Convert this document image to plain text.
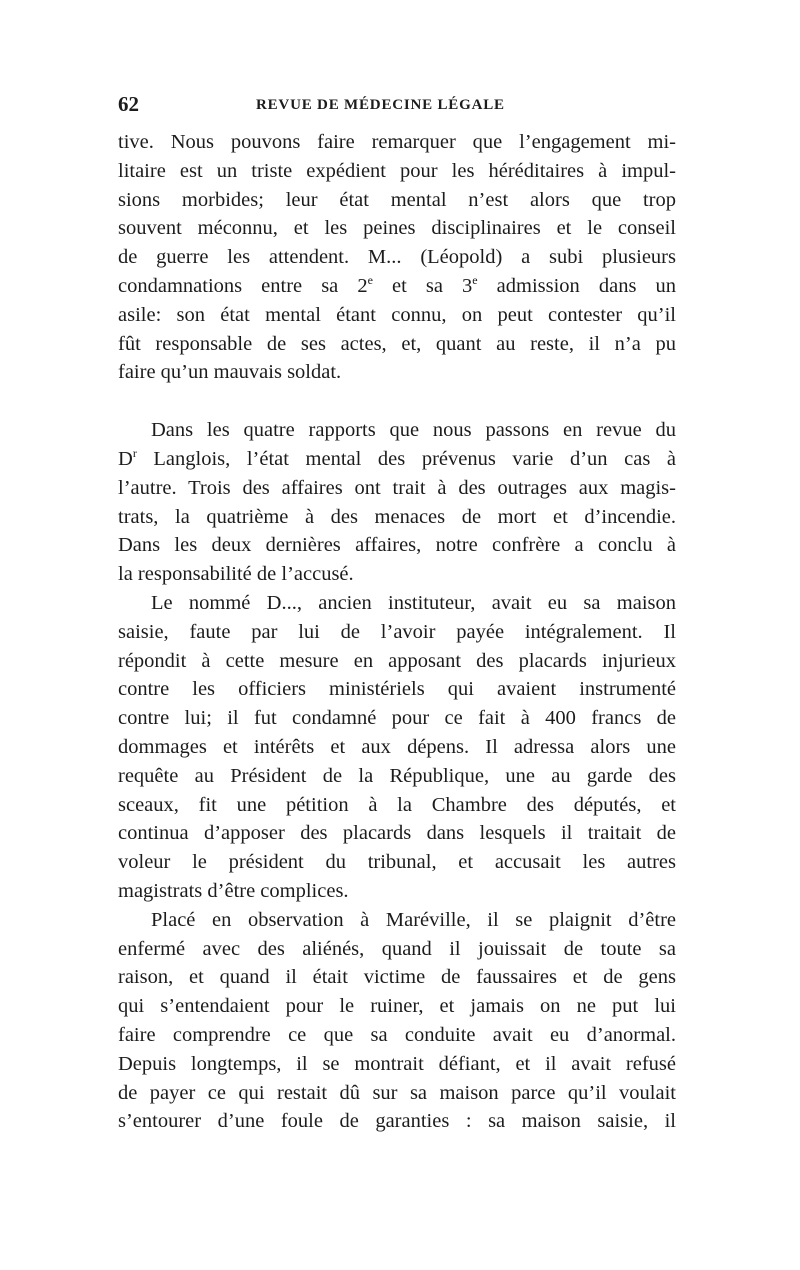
62	REVUE DE MÉDECINE LÉGALE
tive. Nous pouvons faire remarquer que l’engagement mi-
litaire est un triste expédient pour les héréditaires à impul-
sions morbides; leur état mental n’est alors que trop
souvent méconnu, et les peines disciplinaires et le conseil
de guerre les attendent. M... (Léopold) a subi plusieurs
condamnations entre sa 2e et sa 3e admission dans un
asile: son état mental étant connu, on peut contester qu’il
fût responsable de ses actes, et, quant au reste, il n’a pu
faire qu’un mauvais soldat.
Dans les quatre rapports que nous passons en revue du
$D^r$ Langlois, l’état mental des prévenus varie d’un cas à
l’autre. Trois des affaires ont trait à des outrages aux magis-
trats, la quatrième à des menaces de mort et d’incendie.
Dans les deux dernières affaires, notre confrère a conclu à
la responsabilité de l’accusé.
Le nommé D..., ancien instituteur, avait eu sa maison
saisie, faute par lui de l’avoir payée intégralement. Il
répondit à cette mesure en apposant des placards injurieux
contre les officiers ministériels qui avaient instrumenté
contre lui; il fut condamné pour ce fait à 400 francs de
dommages et intérêts et aux dépens. Il adressa alors une
requête au Président de la République, une au garde des
sceaux, fit une pétition à la Chambre des députés, et
continua d’apposer des placards dans lesquels il traitait de
voleur le président du tribunal, et accusait les autres
magistrats d’être complices.
Placé en observation à Maréville, il se plaignit d’être
enfermé avec des aliénés, quand il jouissait de toute sa
raison, et quand il était victime de faussaires et de gens
qui s’entendaient pour le ruiner, et jamais on ne put lui
faire comprendre ce que sa conduite avait eu d’anormal.
Depuis longtemps, il se montrait défiant, et il avait refusé
de payer ce qui restait dû sur sa maison parce qu’il voulait
s’entourer d’une foule de garanties : sa maison saisie, il
